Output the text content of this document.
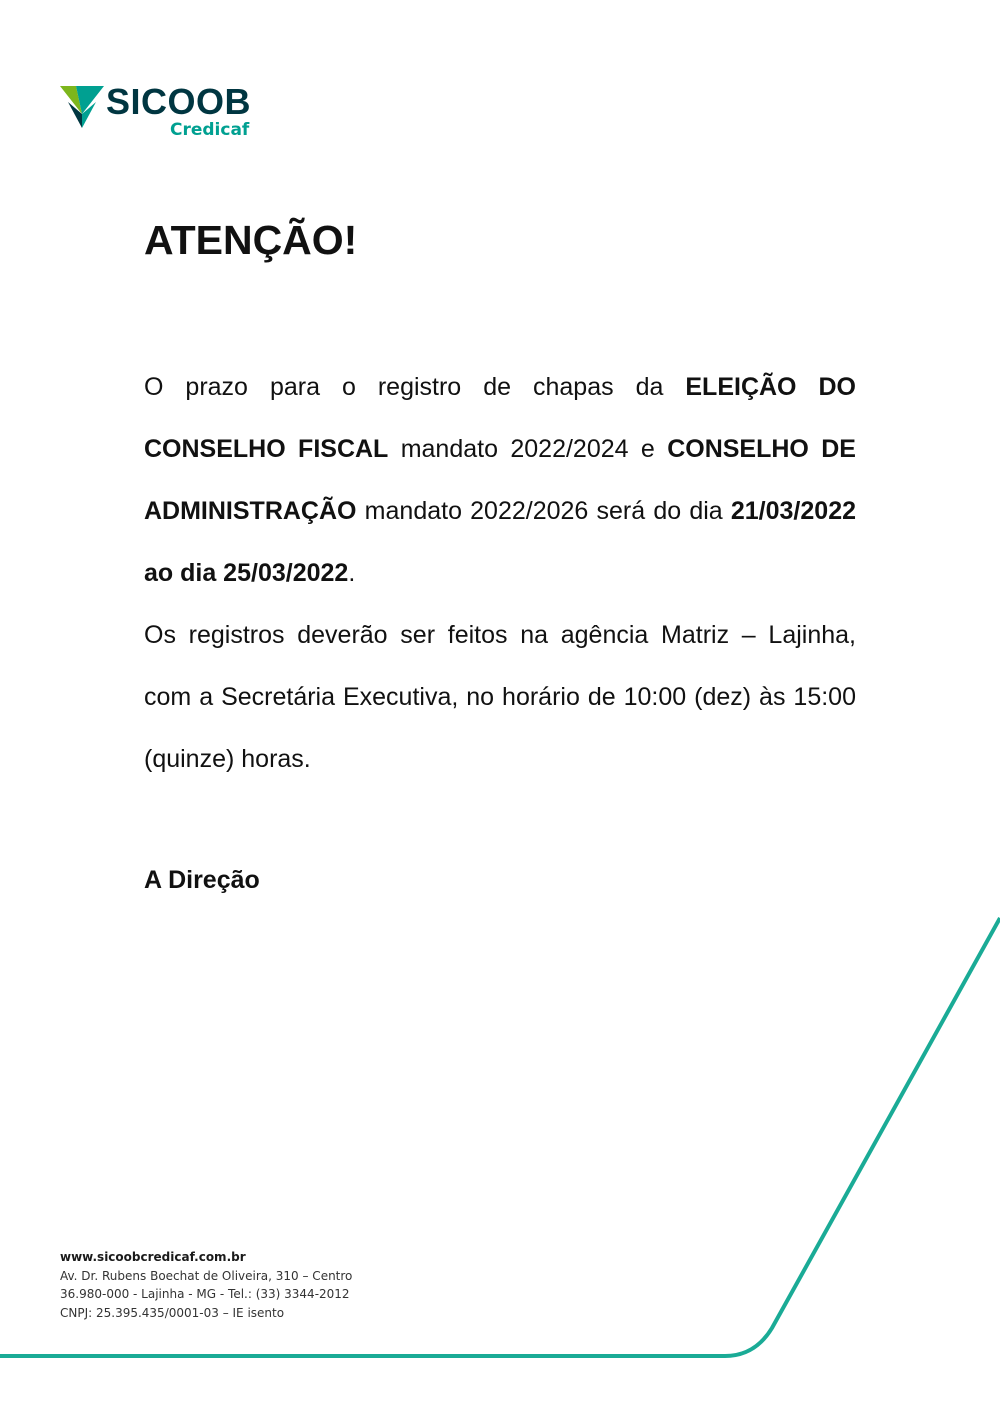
SICOOB
Credicaf
ATENÇÃO!

O prazo para o registro de chapas da ELEIÇÃO DO CONSELHO FISCAL mandato 2022/2024 e CONSELHO DE ADMINISTRAÇÃO mandato 2022/2026 será do dia 21/03/2022 ao dia 25/03/2022.

Os registros deverão ser feitos na agência Matriz – Lajinha, com a Secretária Executiva, no horário de 10:00 (dez) às 15:00 (quinze) horas.

A Direção
www.sicoobcredicaf.com.br
Av. Dr. Rubens Boechat de Oliveira, 310 – Centro
36.980-000 - Lajinha - MG - Tel.: (33) 3344-2012
CNPJ: 25.395.435/0001-03 – IE isento
